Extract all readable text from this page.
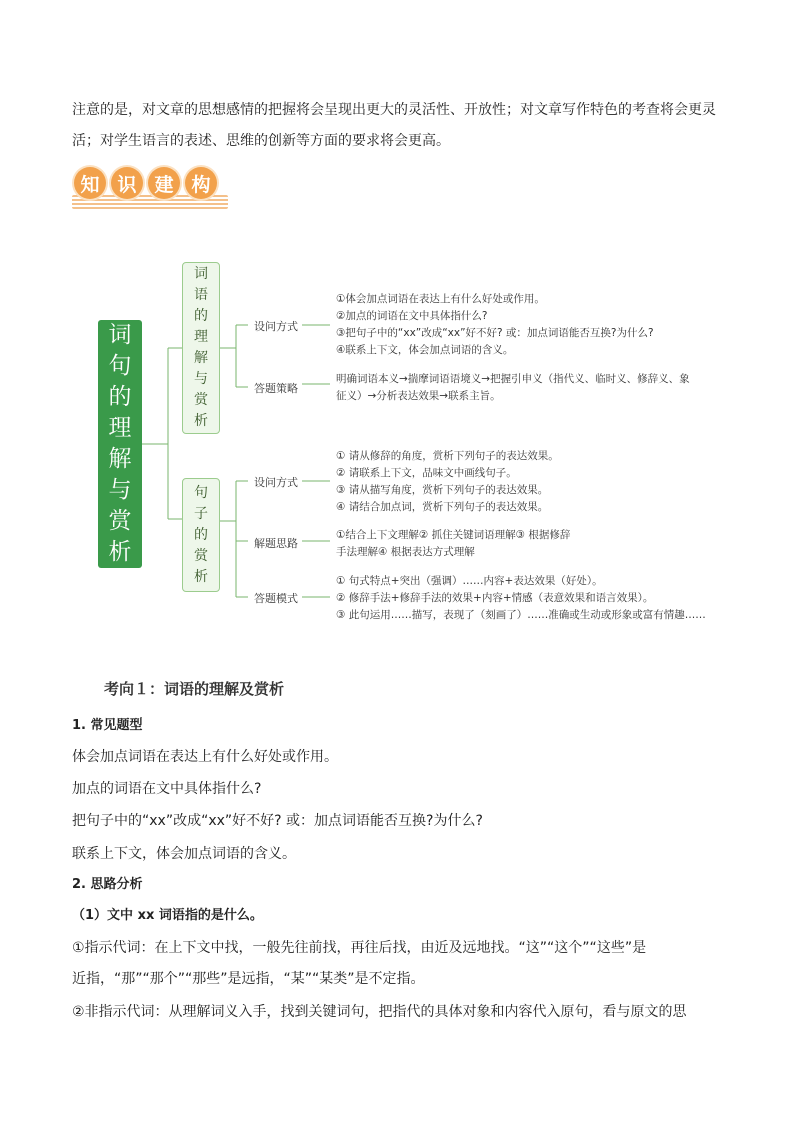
注意的是，对文章的思想感情的把握将会呈现出更大的灵活性、开放性；对文章写作特色的考查将会更灵
活；对学生语言的表述、思维的创新等方面的要求将会更高。
知 识 建 构
词
句
的
理
解
与
赏
析
词
语
的
理
解
与
赏
析
句
子
的
赏
析
设问方式
①体会加点词语在表达上有什么好处或作用。
②加点的词语在文中具体指什么?
③把句子中的“xx”改成“xx”好不好? 或：加点词语能否互换?为什么?
④联系上下文，体会加点词语的含义。
答题策略
明确词语本义→揣摩词语语境义→把握引申义（指代义、临时义、修辞义、象
征义）→分析表达效果→联系主旨。
设问方式
① 请从修辞的角度，赏析下列句子的表达效果。
② 请联系上下文，品味文中画线句子。
③ 请从描写角度，赏析下列句子的表达效果。
④ 请结合加点词，赏析下列句子的表达效果。
解题思路
①结合上下文理解② 抓住关键词语理解③ 根据修辞
手法理解④ 根据表达方式理解
答题模式
① 句式特点+突出（强调）……内容+表达效果（好处）。
② 修辞手法+修辞手法的效果+内容+情感（表意效果和语言效果）。
③ 此句运用……描写，表现了（刻画了）……准确或生动或形象或富有情趣……
考向１：词语的理解及赏析
1. 常见题型
体会加点词语在表达上有什么好处或作用。
加点的词语在文中具体指什么?
把句子中的“xx”改成“xx”好不好? 或：加点词语能否互换?为什么?
联系上下文，体会加点词语的含义。
2. 思路分析
（1）文中 xx 词语指的是什么。
①指示代词：在上下文中找，一般先往前找，再往后找，由近及远地找。“这”“这个”“这些”是
近指，“那”“那个”“那些”是远指，“某”“某类”是不定指。
②非指示代词：从理解词义入手，找到关键词句，把指代的具体对象和内容代入原句，看与原文的思
